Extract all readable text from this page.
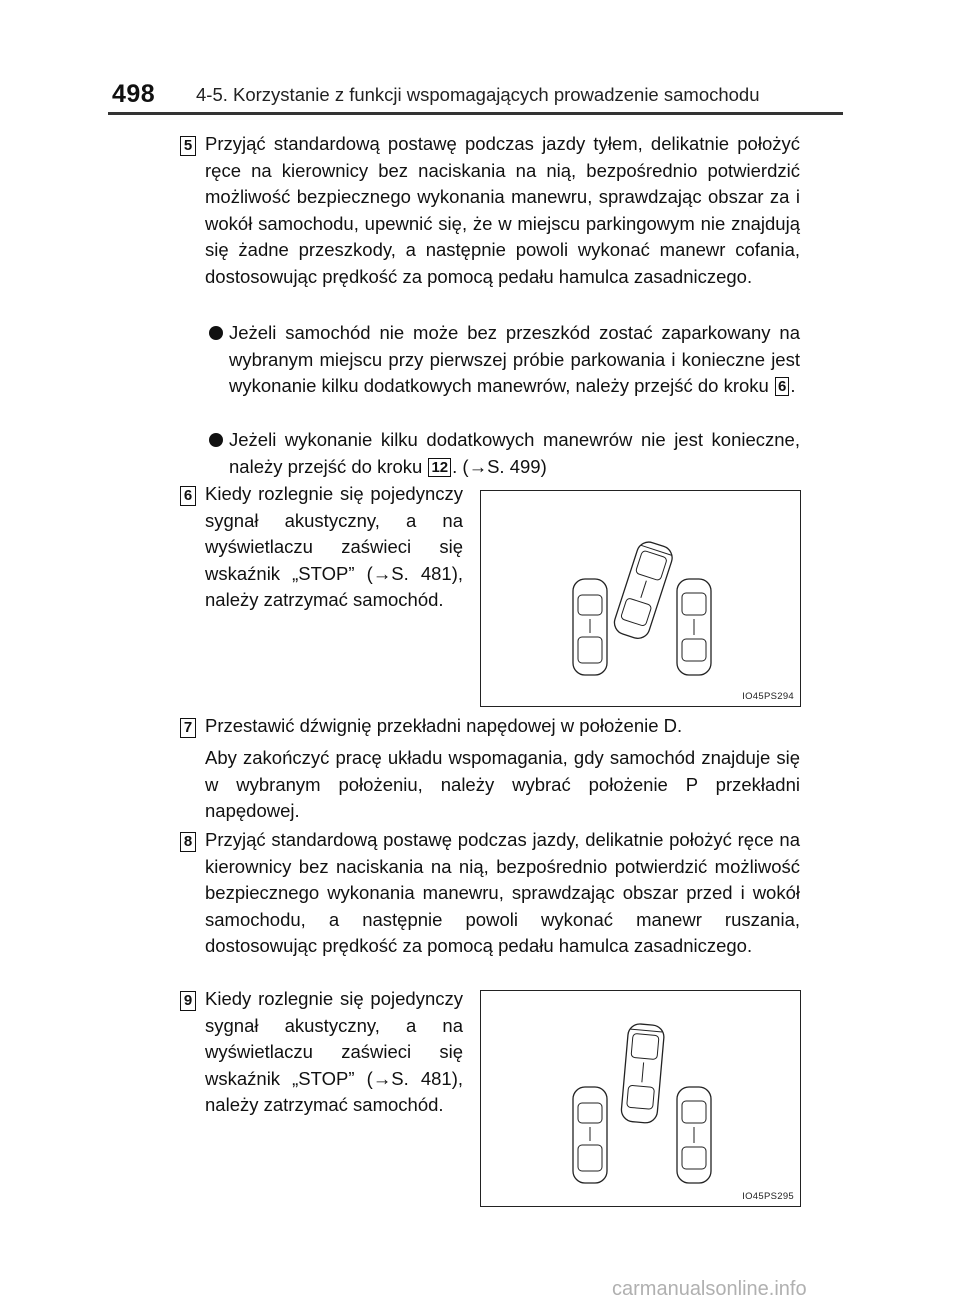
498 4-5. Korzystanie z funkcji wspomagających prowadzenie samochodu
5 Przyjąć standardową postawę podczas jazdy tyłem, delikatnie położyć ręce na kierownicy bez naciskania na nią, bezpośrednio potwierdzić możliwość bezpiecznego wykonania manewru, sprawdzając obszar za i wokół samochodu, upewnić się, że w miejscu parkingowym nie znajdują się żadne przeszkody, a następnie powoli wykonać manewr cofania, dostosowując prędkość za pomocą pedału hamulca zasadniczego.
Jeżeli samochód nie może bez przeszkód zostać zaparkowany na wybranym miejscu przy pierwszej próbie parkowania i konieczne jest wykonanie kilku dodatkowych manewrów, należy przejść do kroku 6 .
Jeżeli wykonanie kilku dodatkowych manewrów nie jest konieczne, należy przejść do kroku 12 . (→S. 499)
6 Kiedy rozlegnie się pojedynczy sygnał akustyczny, a na wyświetlaczu zaświeci się wskaźnik „STOP” (→S. 481), należy zatrzymać samochód.
IO45PS294
7 Przestawić dźwignię przekładni napędowej w położenie D.
Aby zakończyć pracę układu wspomagania, gdy samochód znajduje się w wybranym położeniu, należy wybrać położenie P przekładni napędowej.
8 Przyjąć standardową postawę podczas jazdy, delikatnie położyć ręce na kierownicy bez naciskania na nią, bezpośrednio potwierdzić możliwość bezpiecznego wykonania manewru, sprawdzając obszar przed i wokół samochodu, a następnie powoli wykonać manewr ruszania, dostosowując prędkość za pomocą pedału hamulca zasadniczego.
9 Kiedy rozlegnie się pojedynczy sygnał akustyczny, a na wyświetlaczu zaświeci się wskaźnik „STOP” (→S. 481), należy zatrzymać samochód.
IO45PS295
carmanualsonline.info
